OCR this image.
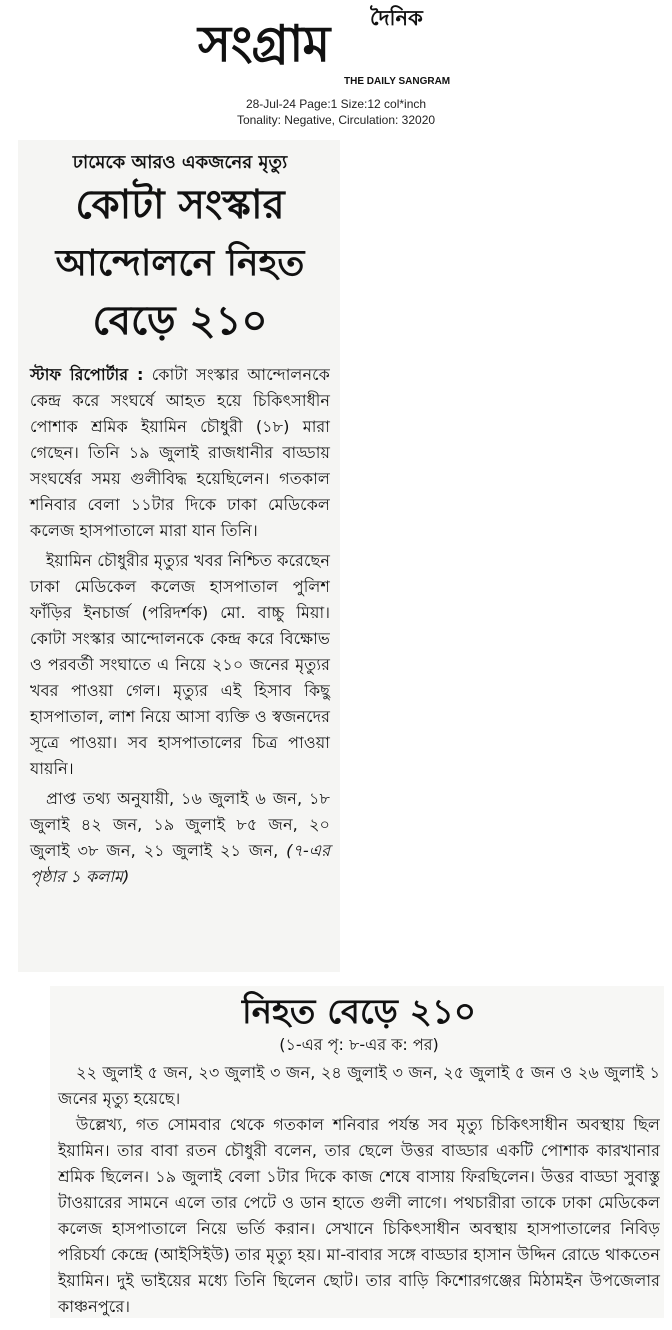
দৈনিক
সংগ্রাম
THE DAILY SANGRAM
28-Jul-24 Page:1 Size:12 col*inch
Tonality: Negative, Circulation: 32020
ঢামেকে আরও একজনের মৃত্যু
কোটা সংস্কার
আন্দোলনে নিহত
বেড়ে ২১০

স্টাফ রিপোর্টার : কোটা সংস্কার আন্দোলনকে কেন্দ্র করে সংঘর্ষে আহত হয়ে চিকিৎসাধীন পোশাক শ্রমিক ইয়ামিন চৌধুরী (১৮) মারা গেছেন। তিনি ১৯ জুলাই রাজধানীর বাড্ডায় সংঘর্ষের সময় গুলীবিদ্ধ হয়েছিলেন। গতকাল শনিবার বেলা ১১টার দিকে ঢাকা মেডিকেল কলেজ হাসপাতালে মারা যান তিনি।

ইয়ামিন চৌধুরীর মৃত্যুর খবর নিশ্চিত করেছেন ঢাকা মেডিকেল কলেজ হাসপাতাল পুলিশ ফাঁড়ির ইনচার্জ (পরিদর্শক) মো. বাচ্চু মিয়া। কোটা সংস্কার আন্দোলনকে কেন্দ্র করে বিক্ষোভ ও পরবর্তী সংঘাতে এ নিয়ে ২১০ জনের মৃত্যুর খবর পাওয়া গেল। মৃত্যুর এই হিসাব কিছু হাসপাতাল, লাশ নিয়ে আসা ব্যক্তি ও স্বজনদের সূত্রে পাওয়া। সব হাসপাতালের চিত্র পাওয়া যায়নি।

প্রাপ্ত তথ্য অনুযায়ী, ১৬ জুলাই ৬ জন, ১৮ জুলাই ৪২ জন, ১৯ জুলাই ৮৫ জন, ২০ জুলাই ৩৮ জন, ২১ জুলাই ২১ জন, (৭-এর পৃষ্ঠার ১ কলাম)

নিহত বেড়ে ২১০
(১-এর পৃ: ৮-এর ক: পর)

২২ জুলাই ৫ জন, ২৩ জুলাই ৩ জন, ২৪ জুলাই ৩ জন, ২৫ জুলাই ৫ জন ও ২৬ জুলাই ১ জনের মৃত্যু হয়েছে।

উল্লেখ্য, গত সোমবার থেকে গতকাল শনিবার পর্যন্ত সব মৃত্যু চিকিৎসাধীন অবস্থায় ছিল ইয়ামিন। তার বাবা রতন চৌধুরী বলেন, তার ছেলে উত্তর বাড্ডার একটি পোশাক কারখানার শ্রমিক ছিলেন। ১৯ জুলাই বেলা ১টার দিকে কাজ শেষে বাসায় ফিরছিলেন। উত্তর বাড্ডা সুবাস্তু টাওয়ারের সামনে এলে তার পেটে ও ডান হাতে গুলী লাগে। পথচারীরা তাকে ঢাকা মেডিকেল কলেজ হাসপাতালে নিয়ে ভর্তি করান। সেখানে চিকিৎসাধীন অবস্থায় হাসপাতালের নিবিড় পরিচর্যা কেন্দ্রে (আইসিইউ) তার মৃত্যু হয়। মা-বাবার সঙ্গে বাড্ডার হাসান উদ্দিন রোডে থাকতেন ইয়ামিন। দুই ভাইয়ের মধ্যে তিনি ছিলেন ছোট। তার বাড়ি কিশোরগঞ্জের মিঠামইন উপজেলার কাঞ্চনপুরে।
